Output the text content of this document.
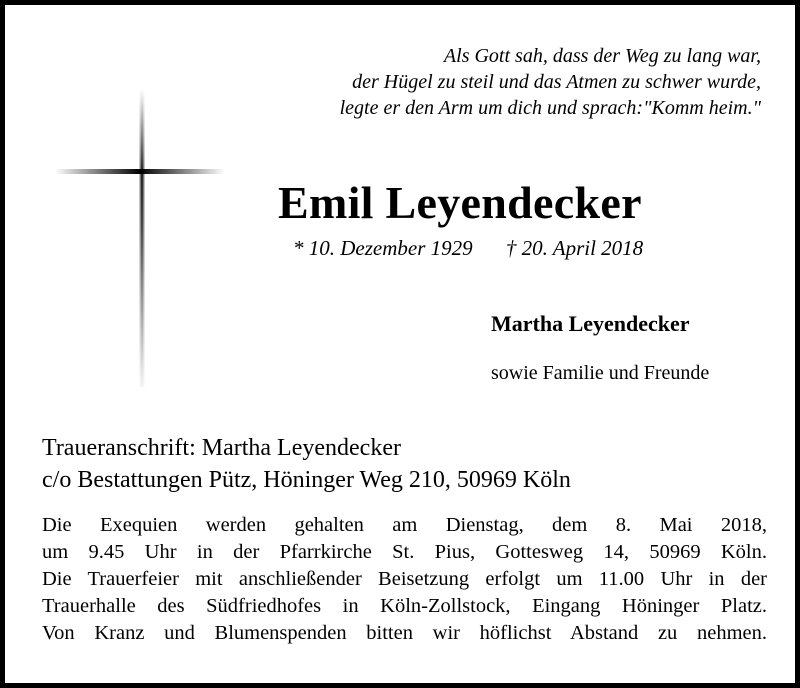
Als Gott sah, dass der Weg zu lang war,
der Hügel zu steil und das Atmen zu schwer wurde,
legte er den Arm um dich und sprach:"Komm heim."
Emil Leyendecker
* 10. Dezember 1929 † 20. April 2018
Martha Leyendecker
sowie Familie und Freunde
Traueranschrift: Martha Leyendecker
c/o Bestattungen Pütz, Höninger Weg 210, 50969 Köln
Die Exequien werden gehalten am Dienstag, dem 8. Mai 2018,
um 9.45 Uhr in der Pfarrkirche St. Pius, Gottesweg 14, 50969 Köln.
Die Trauerfeier mit anschließender Beisetzung erfolgt um 11.00 Uhr in der
Trauerhalle des Südfriedhofes in Köln-Zollstock, Eingang Höninger Platz.
Von Kranz und Blumenspenden bitten wir höflichst Abstand zu nehmen.
